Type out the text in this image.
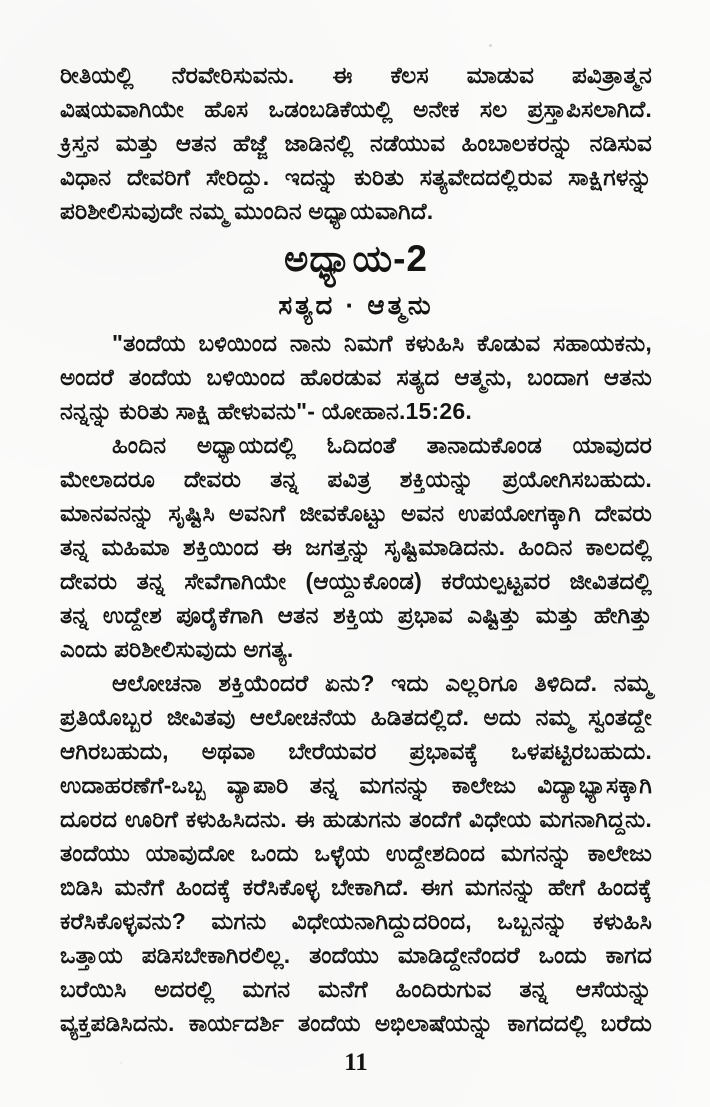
ರೀತಿಯಲ್ಲಿ ನೆರವೇರಿಸುವನು. ಈ ಕೆಲಸ ಮಾಡುವ ಪವಿತ್ರಾತ್ಮನ
ವಿಷಯವಾಗಿಯೇ ಹೊಸ ಒಡಂಬಡಿಕೆಯಲ್ಲಿ ಅನೇಕ ಸಲ ಪ್ರಸ್ತಾಪಿಸಲಾಗಿದೆ.
ಕ್ರಿಸ್ತನ ಮತ್ತು ಆತನ ಹೆಜ್ಜೆ ಜಾಡಿನಲ್ಲಿ ನಡೆಯುವ ಹಿಂಬಾಲಕರನ್ನು ನಡಿಸುವ
ವಿಧಾನ ದೇವರಿಗೆ ಸೇರಿದ್ದು. ಇದನ್ನು ಕುರಿತು ಸತ್ಯವೇದದಲ್ಲಿರುವ ಸಾಕ್ಷಿಗಳನ್ನು
ಪರಿಶೀಲಿಸುವುದೇ ನಮ್ಮ ಮುಂದಿನ ಅಧ್ಯಾಯವಾಗಿದೆ.
ಅಧ್ಯಾಯ-2
ಸತ್ಯದ · ಆತ್ಮನು
"ತಂದೆಯ ಬಳಿಯಿಂದ ನಾನು ನಿಮಗೆ ಕಳುಹಿಸಿ ಕೊಡುವ ಸಹಾಯಕನು,
ಅಂದರೆ ತಂದೆಯ ಬಳಿಯಿಂದ ಹೊರಡುವ ಸತ್ಯದ ಆತ್ಮನು, ಬಂದಾಗ ಆತನು
ನನ್ನನ್ನು ಕುರಿತು ಸಾಕ್ಷಿ ಹೇಳುವನು"- ಯೋಹಾನ.15:26.
ಹಿಂದಿನ ಅಧ್ಯಾಯದಲ್ಲಿ ಓದಿದಂತೆ ತಾನಾದುಕೊಂಡ ಯಾವುದರ
ಮೇಲಾದರೂ ದೇವರು ತನ್ನ ಪವಿತ್ರ ಶಕ್ತಿಯನ್ನು ಪ್ರಯೋಗಿಸಬಹುದು.
ಮಾನವನನ್ನು ಸೃಷ್ಟಿಸಿ ಅವನಿಗೆ ಜೀವಕೊಟ್ಟು ಅವನ ಉಪಯೋಗಕ್ಕಾಗಿ ದೇವರು
ತನ್ನ ಮಹಿಮಾ ಶಕ್ತಿಯಿಂದ ಈ ಜಗತ್ತನ್ನು ಸೃಷ್ಟಿಮಾಡಿದನು. ಹಿಂದಿನ ಕಾಲದಲ್ಲಿ
ದೇವರು ತನ್ನ ಸೇವೆಗಾಗಿಯೇ (ಆಯ್ದುಕೊಂಡ) ಕರೆಯಲ್ಪಟ್ಟವರ ಜೀವಿತದಲ್ಲಿ
ತನ್ನ ಉದ್ದೇಶ ಪೂರೈಕೆಗಾಗಿ ಆತನ ಶಕ್ತಿಯ ಪ್ರಭಾವ ಎಷ್ಟಿತ್ತು ಮತ್ತು ಹೇಗಿತ್ತು
ಎಂದು ಪರಿಶೀಲಿಸುವುದು ಅಗತ್ಯ.
ಆಲೋಚನಾ ಶಕ್ತಿಯೆಂದರೆ ಏನು? ಇದು ಎಲ್ಲರಿಗೂ ತಿಳಿದಿದೆ. ನಮ್ಮ
ಪ್ರತಿಯೊಬ್ಬರ ಜೀವಿತವು ಆಲೋಚನೆಯ ಹಿಡಿತದಲ್ಲಿದೆ. ಅದು ನಮ್ಮ ಸ್ವಂತದ್ದೇ
ಆಗಿರಬಹುದು, ಅಥವಾ ಬೇರೆಯವರ ಪ್ರಭಾವಕ್ಕೆ ಒಳಪಟ್ಟಿರಬಹುದು.
ಉದಾಹರಣೆಗೆ-ಒಬ್ಬ ವ್ಯಾಪಾರಿ ತನ್ನ ಮಗನನ್ನು ಕಾಲೇಜು ವಿದ್ಯಾಭ್ಯಾಸಕ್ಕಾಗಿ
ದೂರದ ಊರಿಗೆ ಕಳುಹಿಸಿದನು. ಈ ಹುಡುಗನು ತಂದೆಗೆ ವಿಧೇಯ ಮಗನಾಗಿದ್ದನು.
ತಂದೆಯು ಯಾವುದೋ ಒಂದು ಒಳ್ಳೆಯ ಉದ್ದೇಶದಿಂದ ಮಗನನ್ನು ಕಾಲೇಜು
ಬಿಡಿಸಿ ಮನೆಗೆ ಹಿಂದಕ್ಕೆ ಕರೆಸಿಕೊಳ್ಳ ಬೇಕಾಗಿದೆ. ಈಗ ಮಗನನ್ನು ಹೇಗೆ ಹಿಂದಕ್ಕೆ
ಕರೆಸಿಕೊಳ್ಳವನು? ಮಗನು ವಿಧೇಯನಾಗಿದ್ದುದರಿಂದ, ಒಬ್ಬನನ್ನು ಕಳುಹಿಸಿ
ಒತ್ತಾಯ ಪಡಿಸಬೇಕಾಗಿರಲಿಲ್ಲ. ತಂದೆಯು ಮಾಡಿದ್ದೇನೆಂದರೆ ಒಂದು ಕಾಗದ
ಬರೆಯಿಸಿ ಅದರಲ್ಲಿ ಮಗನ ಮನೆಗೆ ಹಿಂದಿರುಗುವ ತನ್ನ ಆಸೆಯನ್ನು
ವ್ಯಕ್ತಪಡಿಸಿದನು. ಕಾರ್ಯದರ್ಶಿ ತಂದೆಯ ಅಭಿಲಾಷೆಯನ್ನು ಕಾಗದದಲ್ಲಿ ಬರೆದು
11
